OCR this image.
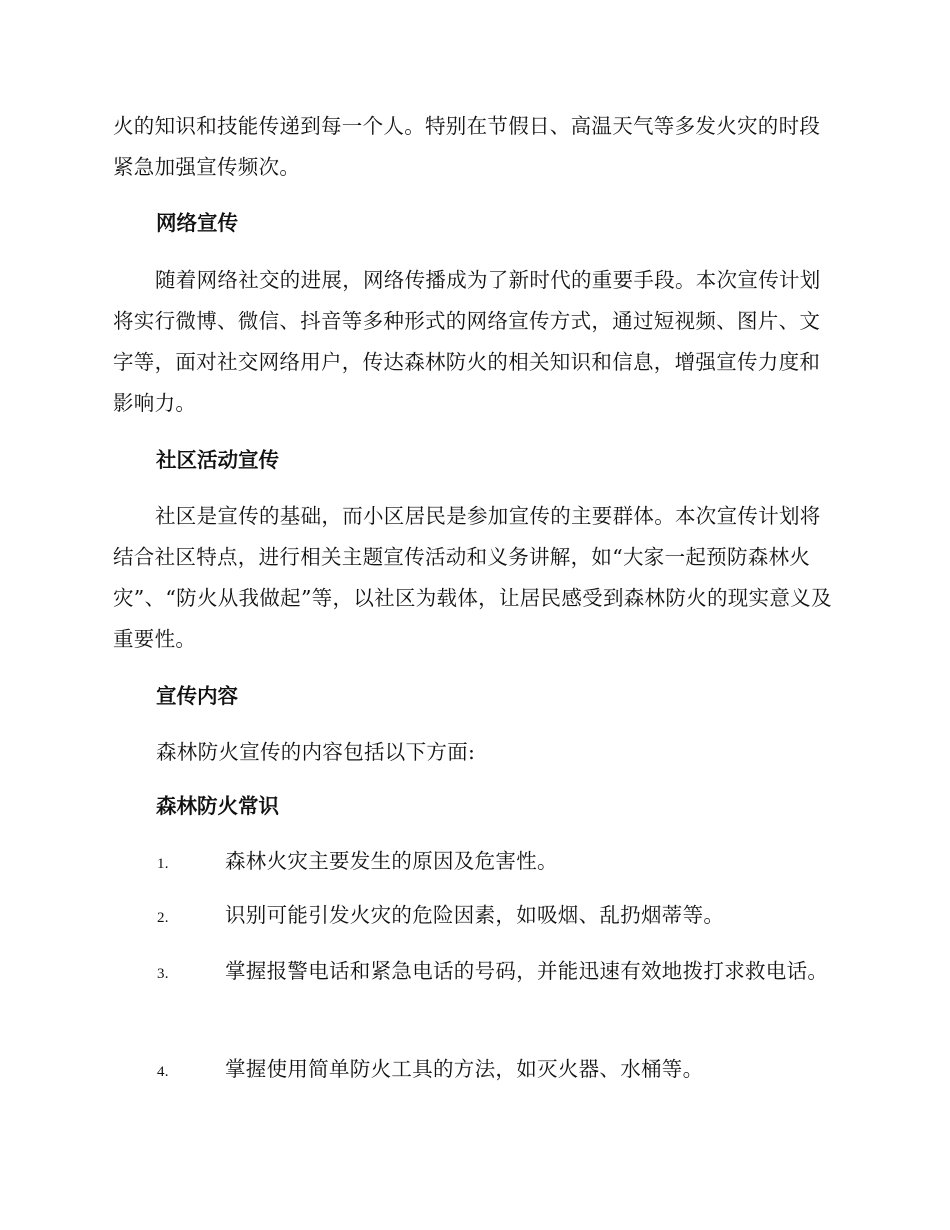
火的知识和技能传递到每一个人。特别在节假日、高温天气等多发火灾的时段紧急加强宣传频次。

网络宣传

随着网络社交的进展，网络传播成为了新时代的重要手段。本次宣传计划将实行微博、微信、抖音等多种形式的网络宣传方式，通过短视频、图片、文字等，面对社交网络用户，传达森林防火的相关知识和信息，增强宣传力度和影响力。

社区活动宣传

社区是宣传的基础，而小区居民是参加宣传的主要群体。本次宣传计划将结合社区特点，进行相关主题宣传活动和义务讲解，如“大家一起预防森林火灾”、“防火从我做起”等，以社区为载体，让居民感受到森林防火的现实意义及重要性。

宣传内容

森林防火宣传的内容包括以下方面:

森林防火常识

1.	森林火灾主要发生的原因及危害性。
2.	识别可能引发火灾的危险因素，如吸烟、乱扔烟蒂等。
3.	掌握报警电话和紧急电话的号码，并能迅速有效地拨打求救电话。
4.	掌握使用简单防火工具的方法，如灭火器、水桶等。
